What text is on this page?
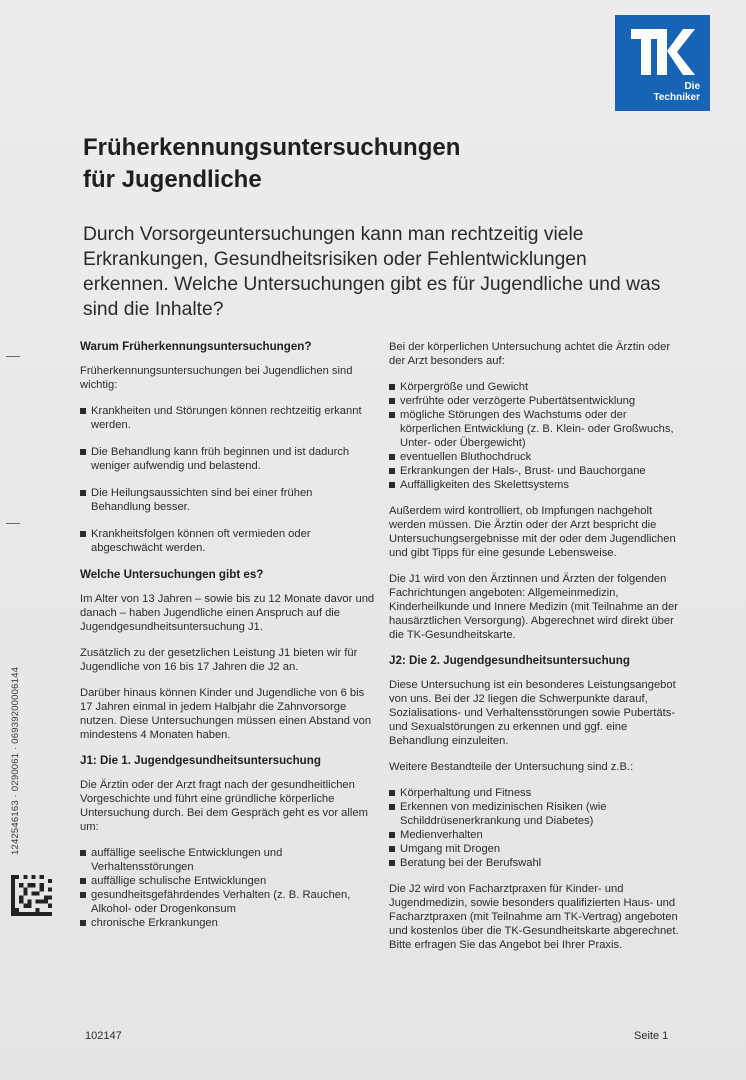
Die
Techniker
Früherkennungsuntersuchungen
für Jugendliche
Durch Vorsorgeuntersuchungen kann man rechtzeitig viele Erkrankungen, Gesundheitsrisiken oder Fehlentwicklungen erkennen. Welche Untersuchungen gibt es für Jugendliche und was sind die Inhalte?
Warum Früherkennungsuntersuchungen?

Früherkennungsuntersuchungen bei Jugendlichen sind wichtig:

Krankheiten und Störungen können rechtzeitig erkannt werden.
Die Behandlung kann früh beginnen und ist dadurch weniger aufwendig und belastend.
Die Heilungsaussichten sind bei einer frühen Behandlung besser.
Krankheitsfolgen können oft vermieden oder abgeschwächt werden.
Welche Untersuchungen gibt es?

Im Alter von 13 Jahren – sowie bis zu 12 Monate davor und danach – haben Jugendliche einen Anspruch auf die Jugendgesundheitsuntersuchung J1.

Zusätzlich zu der gesetzlichen Leistung J1 bieten wir für Jugendliche von 16 bis 17 Jahren die J2 an.

Darüber hinaus können Kinder und Jugendliche von 6 bis 17 Jahren einmal in jedem Halbjahr die Zahnvorsorge nutzen. Diese Untersuchungen müssen einen Abstand von mindestens 4 Monaten haben.

J1: Die 1. Jugendgesundheitsuntersuchung

Die Ärztin oder der Arzt fragt nach der gesundheitlichen Vorgeschichte und führt eine gründliche körperliche Untersuchung durch. Bei dem Gespräch geht es vor allem um:

auffällige seelische Entwicklungen und Verhaltensstörungen
auffällige schulische Entwicklungen
gesundheitsgefährdendes Verhalten (z. B. Rauchen, Alkohol- oder Drogenkonsum
chronische Erkrankungen

Bei der körperlichen Untersuchung achtet die Ärztin oder der Arzt besonders auf:

Körpergröße und Gewicht
verfrühte oder verzögerte Pubertätsentwicklung
mögliche Störungen des Wachstums oder der körperlichen Entwicklung (z. B. Klein- oder Großwuchs, Unter- oder Übergewicht)
eventuellen Bluthochdruck
Erkrankungen der Hals-, Brust- und Bauchorgane
Auffälligkeiten des Skelettsystems

Außerdem wird kontrolliert, ob Impfungen nachgeholt werden müssen. Die Ärztin oder der Arzt bespricht die Untersuchungsergebnisse mit der oder dem Jugendlichen und gibt Tipps für eine gesunde Lebensweise.

Die J1 wird von den Ärztinnen und Ärzten der folgenden Fachrichtungen angeboten: Allgemeinmedizin, Kinderheilkunde und Innere Medizin (mit Teilnahme an der hausärztlichen Versorgung). Abgerechnet wird direkt über die TK-Gesundheitskarte.

J2: Die 2. Jugendgesundheitsuntersuchung

Diese Untersuchung ist ein besonderes Leistungsangebot von uns. Bei der J2 liegen die Schwerpunkte darauf, Sozialisations- und Verhaltensstörungen sowie Pubertäts- und Sexualstörungen zu erkennen und ggf. eine Behandlung einzuleiten.

Weitere Bestandteile der Untersuchung sind z.B.:

Körperhaltung und Fitness
Erkennen von medizinischen Risiken (wie Schilddrüsenerkrankung und Diabetes)
Medienverhalten
Umgang mit Drogen
Beratung bei der Berufswahl

Die J2 wird von Facharztpraxen für Kinder- und Jugendmedizin, sowie besonders qualifizierten Haus- und Facharztpraxen (mit Teilnahme am TK-Vertrag) angeboten und kostenlos über die TK-Gesundheitskarte abgerechnet. Bitte erfragen Sie das Angebot bei Ihrer Praxis.

1242546163 · 0290061 · 06939200006144
102147	Seite 1
